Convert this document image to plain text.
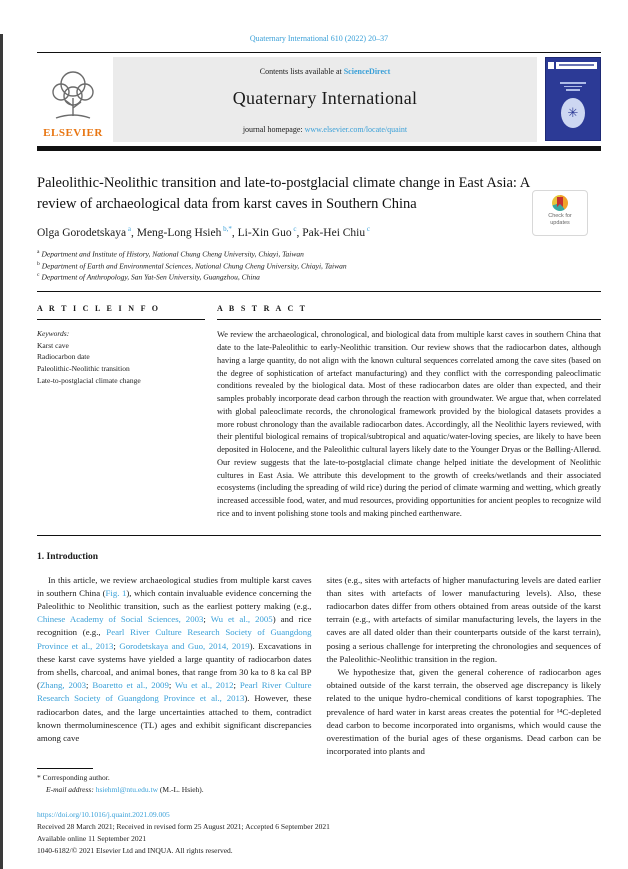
Quaternary International 610 (2022) 20–37
ELSEVIER
Contents lists available at ScienceDirect
Quaternary International
journal homepage: www.elsevier.com/locate/quaint
✳
Paleolithic-Neolithic transition and late-to-postglacial climate change in East Asia: A review of archaeological data from karst caves in Southern China
Olga Gorodetskaya $^a$, Meng-Long Hsieh $^{b,*}$, Li-Xin Guo $^c$, Pak-Hei Chiu $^c$
$^a$ Department and Institute of History, National Chung Cheng University, Chiayi, Taiwan
$^b$ Department of Earth and Environmental Sciences, National Chung Cheng University, Chiayi, Taiwan
$^c$ Department of Anthropology, San Yat-Sen University, Guangzhou, China
A R T I C L E I N F O
Keywords:
Karst cave
Radiocarbon date
Paleolithic-Neolithic transition
Late-to-postglacial climate change
A B S T R A C T
We review the archaeological, chronological, and biological data from multiple karst caves in southern China that date to the late-Paleolithic to early-Neolithic transition. Our review shows that the radiocarbon dates, although having a large quantity, do not align with the known cultural sequences correlated among the cave sites (based on the degree of sophistication of artefact manufacturing) and they conflict with the corresponding paleoclimatic conditions revealed by the biological data. Most of these radiocarbon dates are older than expected, and their samples probably incorporate dead carbon through the reaction with groundwater. We argue that, when correlated with global paleoclimate records, the chronological framework provided by the biological datasets provides a more robust chronology than the available radiocarbon dates. Accordingly, all the Neolithic layers reviewed, with their plentiful biological remains of tropical/subtropical and aquatic/water-loving species, are likely to have been deposited in Holocene, and the Paleolithic cultural layers likely date to the Younger Dryas or the Bølling-Allerød. Our review suggests that the late-to-postglacial climate change helped initiate the development of Neolithic cultures in East Asia. We attribute this development to the growth of creeks/wetlands and their associated ecosystems (including the spreading of wild rice) during the period of climate warming and wetting, which greatly increased accessible food, water, and mud resources, providing opportunities for ancient peoples to recognize wild rice and to invent polishing stone tools and making pinched earthenware.
1. Introduction

In this article, we review archaeological studies from multiple karst caves in southern China (Fig. 1), which contain invaluable evidence concerning the Paleolithic to Neolithic transition, such as the earliest pottery making (e.g., Chinese Academy of Social Sciences, 2003; Wu et al., 2005) and rice recognition (e.g., Pearl River Culture Research Society of Guangdong Province et al., 2013; Gorodetskaya and Guo, 2014, 2019). Excavations in these karst cave systems have yielded a large quantity of radiocarbon dates from shells, charcoal, and animal bones, that range from 30 ka to 8 ka cal BP (Zhang, 2003; Boaretto et al., 2009; Wu et al., 2012; Pearl River Culture Research Society of Guangdong Province et al., 2013). However, these radiocarbon dates, and the large uncertainties attached to them, contradict known thermoluminescence (TL) ages and exhibit significant discrepancies among cave

sites (e.g., sites with artefacts of higher manufacturing levels are dated earlier than sites with artefacts of lower manufacturing levels). Also, these radiocarbon dates differ from others obtained from areas outside of the karst terrain (e.g., with artefacts of similar manufacturing levels, the layers in the caves are all dated older than their counterparts outside of the karst terrain), posing a serious challenge for interpreting the chronologies and sequences of the Paleolithic-Neolithic transition in the region.

We hypothesize that, given the general coherence of radiocarbon ages obtained outside of the karst terrain, the observed age discrepancy is likely related to the unique hydro-chemical conditions of karst topographies. The prevalence of hard water in karst areas creates the potential for ¹⁴C-depleted dead carbon to become incorporated into organisms, which would cause the overestimation of the burial ages of these organisms. Dead carbon can be incorporated into plants and

* Corresponding author.
E-mail address: hsiehml@ntu.edu.tw (M.-L. Hsieh).
https://doi.org/10.1016/j.quaint.2021.09.005
Received 28 March 2021; Received in revised form 25 August 2021; Accepted 6 September 2021
Available online 11 September 2021
1040-6182/© 2021 Elsevier Ltd and INQUA. All rights reserved.
Check for
updates
